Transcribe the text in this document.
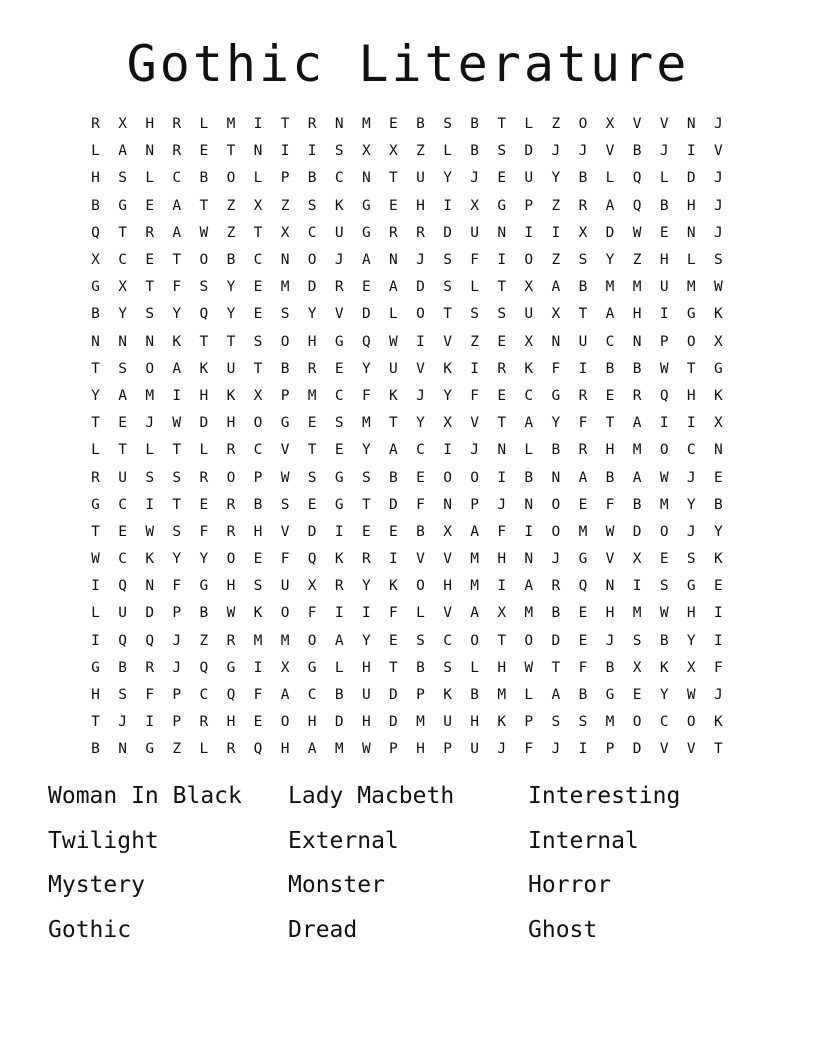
Gothic Literature
R	X	H	R	L	M	I	T	R	N	M	E	B	S	B	T	L	Z	O	X	V	V	N	J
L	A	N	R	E	T	N	I	I	S	X	X	Z	L	B	S	D	J	J	V	B	J	I	V
H	S	L	C	B	O	L	P	B	C	N	T	U	Y	J	E	U	Y	B	L	Q	L	D	J
B	G	E	A	T	Z	X	Z	S	K	G	E	H	I	X	G	P	Z	R	A	Q	B	H	J
Q	T	R	A	W	Z	T	X	C	U	G	R	R	D	U	N	I	I	X	D	W	E	N	J
X	C	E	T	O	B	C	N	O	J	A	N	J	S	F	I	O	Z	S	Y	Z	H	L	S
G	X	T	F	S	Y	E	M	D	R	E	A	D	S	L	T	X	A	B	M	M	U	M	W
B	Y	S	Y	Q	Y	E	S	Y	V	D	L	O	T	S	S	U	X	T	A	H	I	G	K
N	N	N	K	T	T	S	O	H	G	Q	W	I	V	Z	E	X	N	U	C	N	P	O	X
T	S	O	A	K	U	T	B	R	E	Y	U	V	K	I	R	K	F	I	B	B	W	T	G
Y	A	M	I	H	K	X	P	M	C	F	K	J	Y	F	E	C	G	R	E	R	Q	H	K
T	E	J	W	D	H	O	G	E	S	M	T	Y	X	V	T	A	Y	F	T	A	I	I	X
L	T	L	T	L	R	C	V	T	E	Y	A	C	I	J	N	L	B	R	H	M	O	C	N
R	U	S	S	R	O	P	W	S	G	S	B	E	O	O	I	B	N	A	B	A	W	J	E
G	C	I	T	E	R	B	S	E	G	T	D	F	N	P	J	N	O	E	F	B	M	Y	B
T	E	W	S	F	R	H	V	D	I	E	E	B	X	A	F	I	O	M	W	D	O	J	Y
W	C	K	Y	Y	O	E	F	Q	K	R	I	V	V	M	H	N	J	G	V	X	E	S	K
I	Q	N	F	G	H	S	U	X	R	Y	K	O	H	M	I	A	R	Q	N	I	S	G	E
L	U	D	P	B	W	K	O	F	I	I	F	L	V	A	X	M	B	E	H	M	W	H	I
I	Q	Q	J	Z	R	M	M	O	A	Y	E	S	C	O	T	O	D	E	J	S	B	Y	I
G	B	R	J	Q	G	I	X	G	L	H	T	B	S	L	H	W	T	F	B	X	K	X	F
H	S	F	P	C	Q	F	A	C	B	U	D	P	K	B	M	L	A	B	G	E	Y	W	J
T	J	I	P	R	H	E	O	H	D	H	D	M	U	H	K	P	S	S	M	O	C	O	K
B	N	G	Z	L	R	Q	H	A	M	W	P	H	P	U	J	F	J	I	P	D	V	V	T
Woman In Black	Lady Macbeth	Interesting
Twilight	External	Internal
Mystery	Monster	Horror
Gothic	Dread	Ghost
